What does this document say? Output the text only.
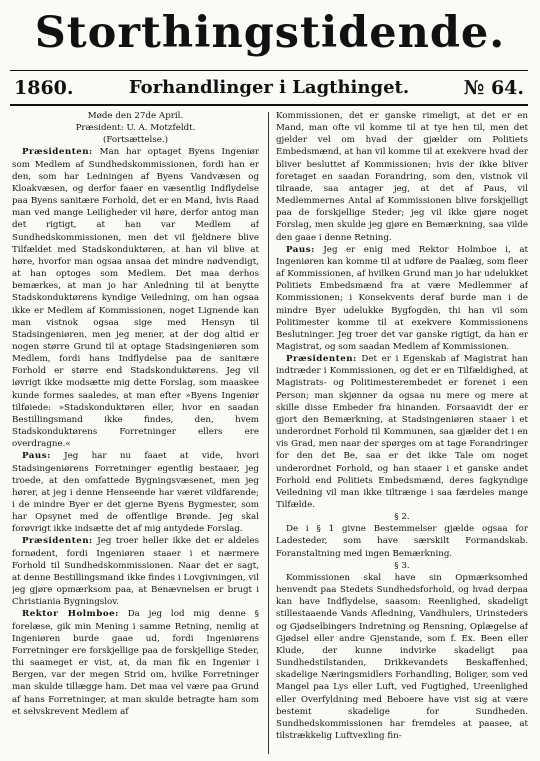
Storthingstidende.
1860.	Forhandlinger i Lagthinget.	№ 64.

Møde den 27de April.

Præsident: U. A. Motzfeldt.

(Fortsættelse.)

Præsidenten: Man har optaget Byens Ingeniør som Medlem af Sundhedskommissionen, fordi han er den, som har Ledningen af Byens Vandvæsen og Kloakvæsen, og derfor faaer en væsentlig Indflydelse paa Byens sanitære Forhold, det er en Mand, hvis Raad man ved mange Leiligheder vil høre, derfor antog man det rigtigt, at han var Medlem af Sundhedskommissionen, men det vil fjeldnere blive Tilfældet med Stadskonduktøren, at han vil blive at høre, hvorfor man ogsaa ansaa det mindre nødvendigt, at han optoges som Medlem. Det maa derhos bemærkes, at man jo har Anledning til at benytte Stadskonduktørens kyndige Veiledning, om han ogsaa ikke er Medlem af Kommissionen, noget Lignende kan man vistnok ogsaa sige med Hensyn til Stadsingeniøren, men jeg mener, at der dog altid er nogen større Grund til at optage Stadsingeniøren som Medlem, fordi hans Indflydelse paa de sanitære Forhold er større end Stadskonduktørens. Jeg vil iøvrigt ikke modsætte mig dette Forslag, som maaskee kunde formes saaledes, at man efter »Byens Ingeniør tilføiede: »Stadskonduktøren eller, hvor en saadan Bestillingsmand ikke findes, den, hvem Stadskonduktørens Forretninger ellers ere overdragne.«

Paus: Jeg har nu faaet at vide, hvori Stadsingeniørens Forretninger egentlig bestaaer, jeg troede, at den omfattede Bygningsvæsenet, men jeg hører, at jeg i denne Henseende har været vildfarende; i de mindre Byer er det gjerne Byens Bygmester, som har Opsynet med de offentlige Brønde. Jeg skal forøvrigt ikke indsætte det af mig antydede Forslag.

Præsidenten: Jeg troer heller ikke det er aldeles fornødent, fordi Ingeniøren staaer i et nærmere Forhold til Sundhedskommissionen. Naar det er sagt, at denne Bestillingsmand ikke findes i Lovgivningen, vil jeg gjøre opmærksom paa, at Benævnelsen er brugt i Christiania Bygningslov.

Rektor Holmboe: Da jeg lod mig denne § forelæse, gik min Mening i samme Retning, nemlig at Ingeniøren burde gaae ud, fordi Ingeniørens Forretninger ere forskjellige paa de forskjellige Steder, thi saameget er vist, at, da man fik en Ingeniør i Bergen, var der megen Strid om, hvilke Forretninger man skulde tillægge ham. Det maa vel være paa Grund af hans Forretninger, at man skulde betragte ham som et selvskrevent Medlem af

Kommissionen, det er ganske rimeligt, at det er en Mand, man ofte vil komme til at tye hen til, men det gjelder vel om hvad der gjælder om Politiets Embedsmænd, at han vil komme til at exekvere hvad der bliver besluttet af Kommissionen; hvis der ikke bliver foretaget en saadan Forandring, som den, vistnok vil tilraade, saa antager jeg, at det af Paus, vil Medlemmernes Antal af Kommissionen blive forskjelligt paa de forskjellige Steder; jeg vil ikke gjøre noget Forslag, men skulde jeg gjøre en Bemærkning, saa vilde den gaae i denne Retning.

Paus: Jeg er enig med Rektor Holmboe i, at Ingeniøren kan komme til at udføre de Paalæg, som fleer af Kommissionen, af hvilken Grund man jo har udelukket Politiets Embedsmænd fra at være Medlemmer af Kommissionen; i Konsekvents deraf burde man i de mindre Byer udelukke Bygfogden, thi han vil som Politimester komme til at exekvere Kommissionens Beslutninger. Jeg troer det var ganske rigtigt, da han er Magistrat, og som saadan Medlem af Kommissionen.

Præsidenten: Det er i Egenskab af Magistrat han indtræder i Kommissionen, og det er en Tilfældighed, at Magistrats- og Politimesterembedet er forenet i een Person; man skjønner da ogsaa nu mere og mere at skille disse Embeder fra hinanden. Forsaavidt der er gjort den Bemærkning, at Stadsingeniøren staaer i et underordnet Forhold til Kommunen, saa gjælder det i en vis Grad, men naar der spørges om at tage Forandringer for den det Be, saa er det ikke Tale om noget underordnet Forhold, og han staaer i et ganske andet Forhold end Politiets Embedsmænd, deres fagkyndige Veiledning vil man ikke tiltrænge i saa færdeles mange Tilfælde.

§ 2.

De i § 1 givne Bestemmelser gjælde ogsaa for Ladesteder, som have særskilt Formandskab. Foranstaltning med ingen Bemærkning.

§ 3.

Kommissionen skal have sin Opmærksomhed henvendt paa Stedets Sundhedsforhold, og hvad derpaa kan have Indflydelse, saasom: Reenlighed, skadeligt stillestaaende Vands Afledning, Vandhulers, Urinsteders og Gjødselbingers Indretning og Rensning, Oplægelse af Gjødsel eller andre Gjenstande, som f. Ex. Been eller Klude, der kunne indvirke skadeligt paa Sundhedstilstanden, Drikkevandets Beskaffenhed, skadelige Næringsmidlers Forhandling, Boliger, som ved Mangel paa Lys eller Luft, ved Fugtighed, Ureenlighed eller Overfyldning med Beboere have vist sig at være bestemt skadelige for Sundheden. Sundhedskommissionen har fremdeles at paasee, at tilstrækkelig Luftvexling fin-
